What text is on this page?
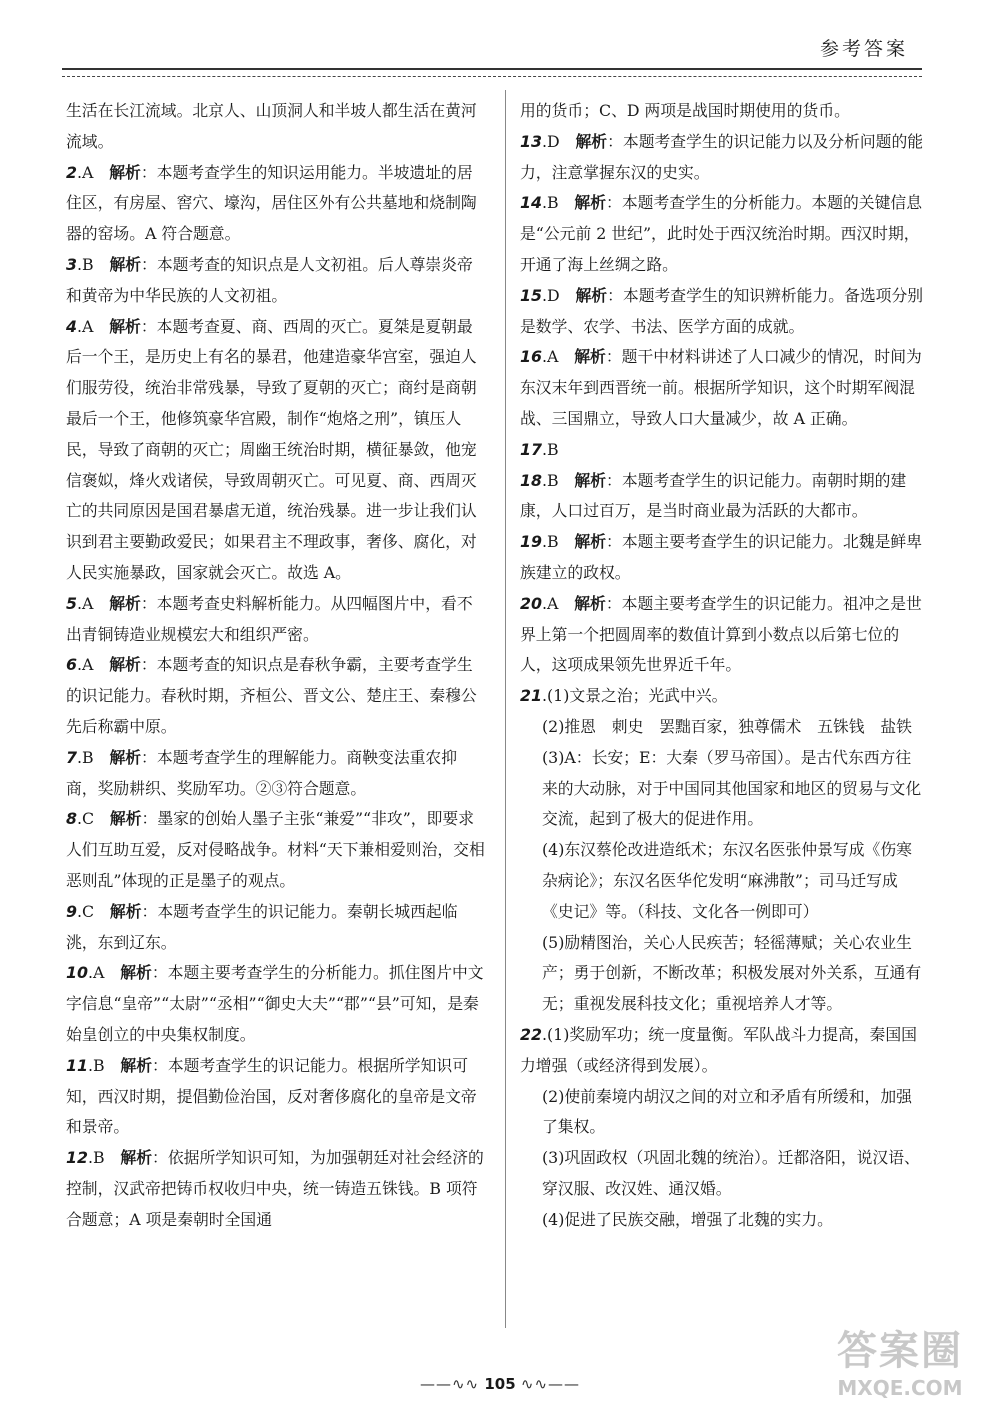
参考答案
生活在长江流域。北京人、山顶洞人和半坡人都生活在黄河流域。
2.A  解析：本题考查学生的知识运用能力。半坡遗址的居住区，有房屋、窖穴、壕沟，居住区外有公共墓地和烧制陶器的窑场。A 符合题意。
3.B  解析：本题考查的知识点是人文初祖。后人尊崇炎帝和黄帝为中华民族的人文初祖。
4.A  解析：本题考查夏、商、西周的灭亡。夏桀是夏朝最后一个王，是历史上有名的暴君，他建造豪华宫室，强迫人们服劳役，统治非常残暴，导致了夏朝的灭亡；商纣是商朝最后一个王，他修筑豪华宫殿，制作“炮烙之刑”，镇压人民，导致了商朝的灭亡；周幽王统治时期，横征暴敛，他宠信褒姒，烽火戏诸侯，导致周朝灭亡。可见夏、商、西周灭亡的共同原因是国君暴虐无道，统治残暴。进一步让我们认识到君主要勤政爱民；如果君主不理政事，奢侈、腐化，对人民实施暴政，国家就会灭亡。故选 A。
5.A  解析：本题考查史料解析能力。从四幅图片中，看不出青铜铸造业规模宏大和组织严密。
6.A  解析：本题考查的知识点是春秋争霸，主要考查学生的识记能力。春秋时期，齐桓公、晋文公、楚庄王、秦穆公先后称霸中原。
7.B  解析：本题考查学生的理解能力。商鞅变法重农抑商，奖励耕织、奖励军功。②③符合题意。
8.C  解析：墨家的创始人墨子主张“兼爱”“非攻”，即要求人们互助互爱，反对侵略战争。材料“天下兼相爱则治，交相恶则乱”体现的正是墨子的观点。
9.C  解析：本题考查学生的识记能力。秦朝长城西起临洮，东到辽东。
10.A  解析：本题主要考查学生的分析能力。抓住图片中文字信息“皇帝”“太尉”“丞相”“御史大夫”“郡”“县”可知，是秦始皇创立的中央集权制度。
11.B  解析：本题考查学生的识记能力。根据所学知识可知，西汉时期，提倡勤俭治国，反对奢侈腐化的皇帝是文帝和景帝。
12.B  解析：依据所学知识可知，为加强朝廷对社会经济的控制，汉武帝把铸币权收归中央，统一铸造五铢钱。B 项符合题意；A 项是秦朝时全国通
用的货币；C、D 两项是战国时期使用的货币。
13.D  解析：本题考查学生的识记能力以及分析问题的能力，注意掌握东汉的史实。
14.B  解析：本题考查学生的分析能力。本题的关键信息是“公元前 2 世纪”，此时处于西汉统治时期。西汉时期，开通了海上丝绸之路。
15.D  解析：本题考查学生的知识辨析能力。备选项分别是数学、农学、书法、医学方面的成就。
16.A  解析：题干中材料讲述了人口减少的情况，时间为东汉末年到西晋统一前。根据所学知识，这个时期军阀混战、三国鼎立，导致人口大量减少，故 A 正确。
17.B 
18.B  解析：本题考查学生的识记能力。南朝时期的建康，人口过百万，是当时商业最为活跃的大都市。
19.B  解析：本题主要考查学生的识记能力。北魏是鲜卑族建立的政权。
20.A  解析：本题主要考查学生的识记能力。祖冲之是世界上第一个把圆周率的数值计算到小数点以后第七位的人，这项成果领先世界近千年。
21.(1)文景之治；光武中兴。
(2)推恩　刺史　罢黜百家，独尊儒术　五铢钱　盐铁
(3)A：长安；E：大秦（罗马帝国）。是古代东西方往来的大动脉，对于中国同其他国家和地区的贸易与文化交流，起到了极大的促进作用。
(4)东汉蔡伦改进造纸术；东汉名医张仲景写成《伤寒杂病论》；东汉名医华佗发明“麻沸散”；司马迁写成《史记》等。（科技、文化各一例即可）
(5)励精图治，关心人民疾苦；轻徭薄赋；关心农业生产；勇于创新，不断改革；积极发展对外关系，互通有无；重视发展科技文化；重视培养人才等。
22.(1)奖励军功；统一度量衡。军队战斗力提高，秦国国力增强（或经济得到发展）。
(2)使前秦境内胡汉之间的对立和矛盾有所缓和，加强了集权。
(3)巩固政权（巩固北魏的统治）。迁都洛阳，说汉语、穿汉服、改汉姓、通汉婚。
(4)促进了民族交融，增强了北魏的实力。
——∿∿ 105 ∿∿——
答案圈
MXQE.COM
